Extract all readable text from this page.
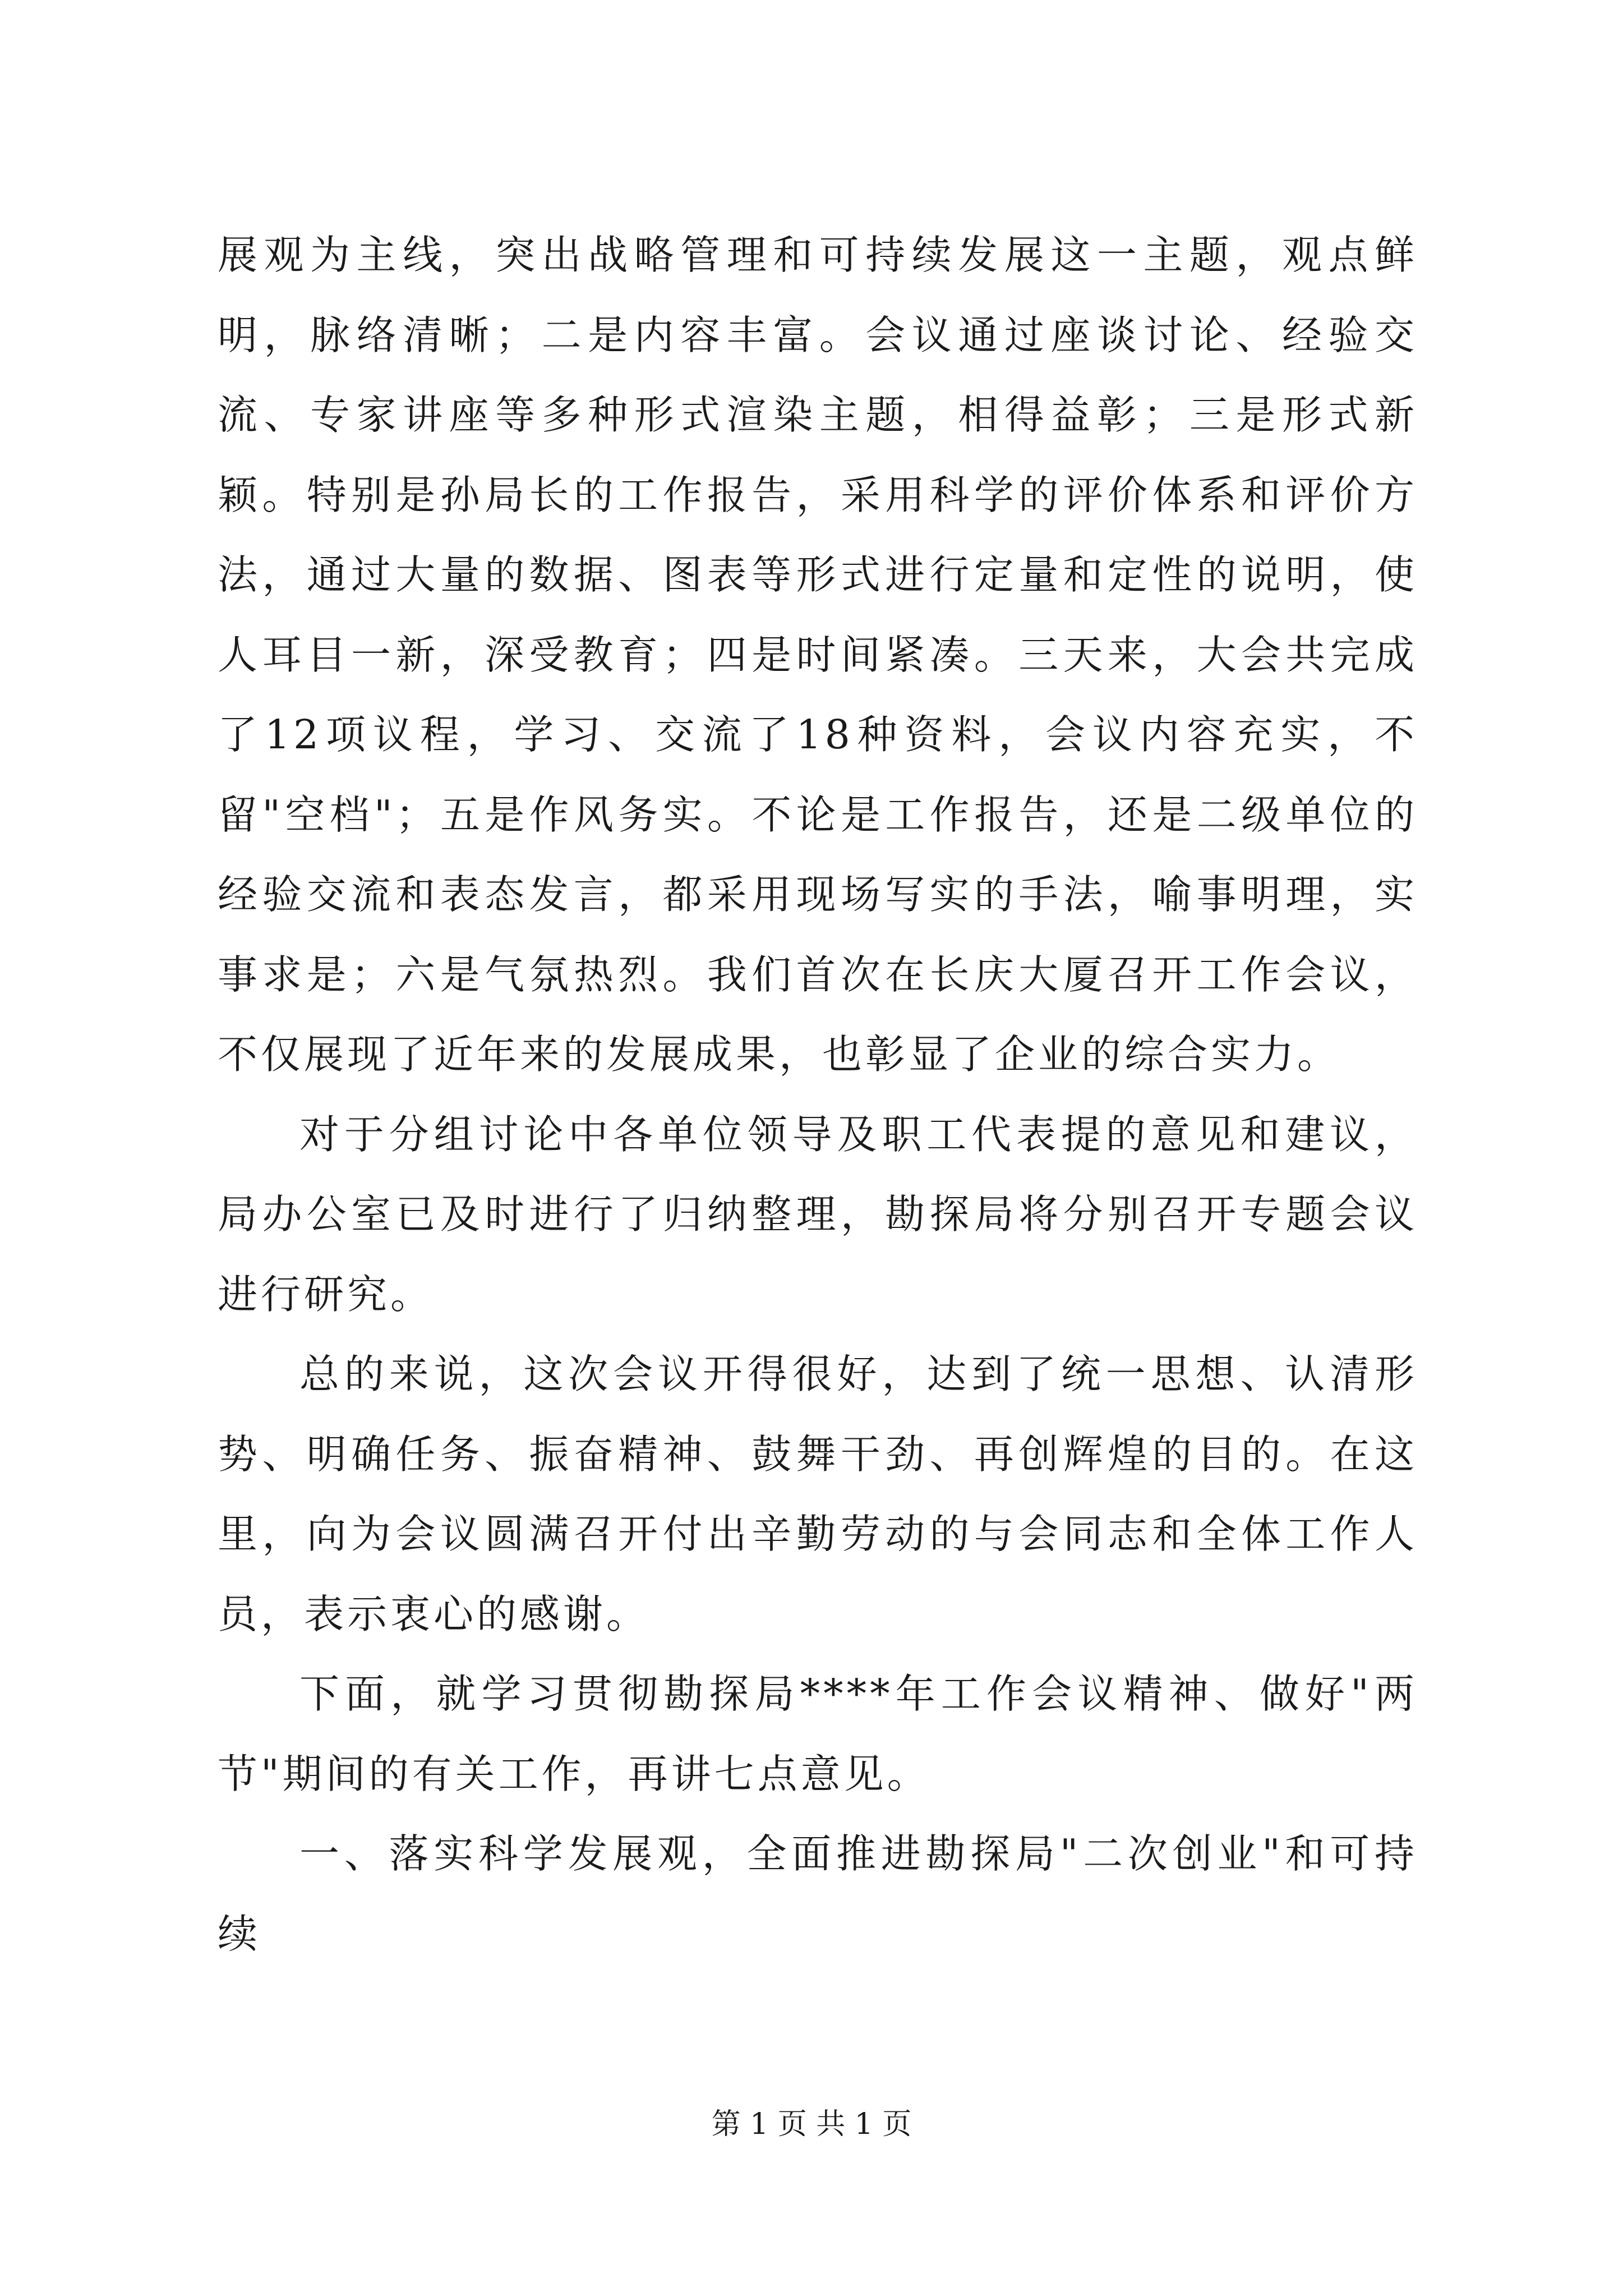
展观为主线，突出战略管理和可持续发展这一主题，观点鲜明，脉络清晰；二是内容丰富。会议通过座谈讨论、经验交流、专家讲座等多种形式渲染主题，相得益彰；三是形式新颖。特别是孙局长的工作报告，采用科学的评价体系和评价方法，通过大量的数据、图表等形式进行定量和定性的说明，使人耳目一新，深受教育；四是时间紧凑。三天来，大会共完成了12项议程，学习、交流了18种资料，会议内容充实，不留"空档"；五是作风务实。不论是工作报告，还是二级单位的经验交流和表态发言，都采用现场写实的手法，喻事明理，实事求是；六是气氛热烈。我们首次在长庆大厦召开工作会议，不仅展现了近年来的发展成果，也彰显了企业的综合实力。

对于分组讨论中各单位领导及职工代表提的意见和建议，局办公室已及时进行了归纳整理，勘探局将分别召开专题会议进行研究。

总的来说，这次会议开得很好，达到了统一思想、认清形势、明确任务、振奋精神、鼓舞干劲、再创辉煌的目的。在这里，向为会议圆满召开付出辛勤劳动的与会同志和全体工作人员，表示衷心的感谢。

下面，就学习贯彻勘探局****年工作会议精神、做好"两节"期间的有关工作，再讲七点意见。

一、落实科学发展观，全面推进勘探局"二次创业"和可持续

第 1 页 共 1 页
